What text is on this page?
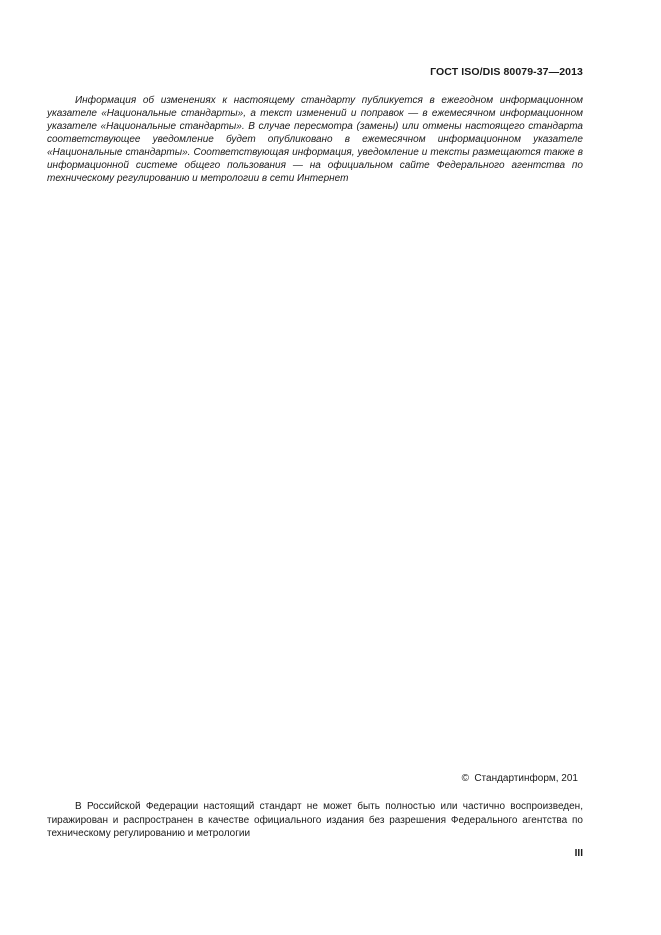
ГОСТ ISO/DIS 80079-37—2013

Информация об изменениях к настоящему стандарту публикуется в ежегодном информационном указателе «Национальные стандарты», а текст изменений и поправок — в ежемесячном информационном указателе «Национальные стандарты». В случае пересмотра (замены) или отмены настоящего стандарта соответствующее уведомление будет опубликовано в ежемесячном информационном указателе «Национальные стандарты». Соответствующая информация, уведомление и тексты размещаются также в информационной системе общего пользования — на официальном сайте Федерального агентства по техническому регулированию и метрологии в сети Интернет

© Стандартинформ, 201

В Российской Федерации настоящий стандарт не может быть полностью или частично воспроизведен, тиражирован и распространен в качестве официального издания без разрешения Федерального агентства по техническому регулированию и метрологии

III
